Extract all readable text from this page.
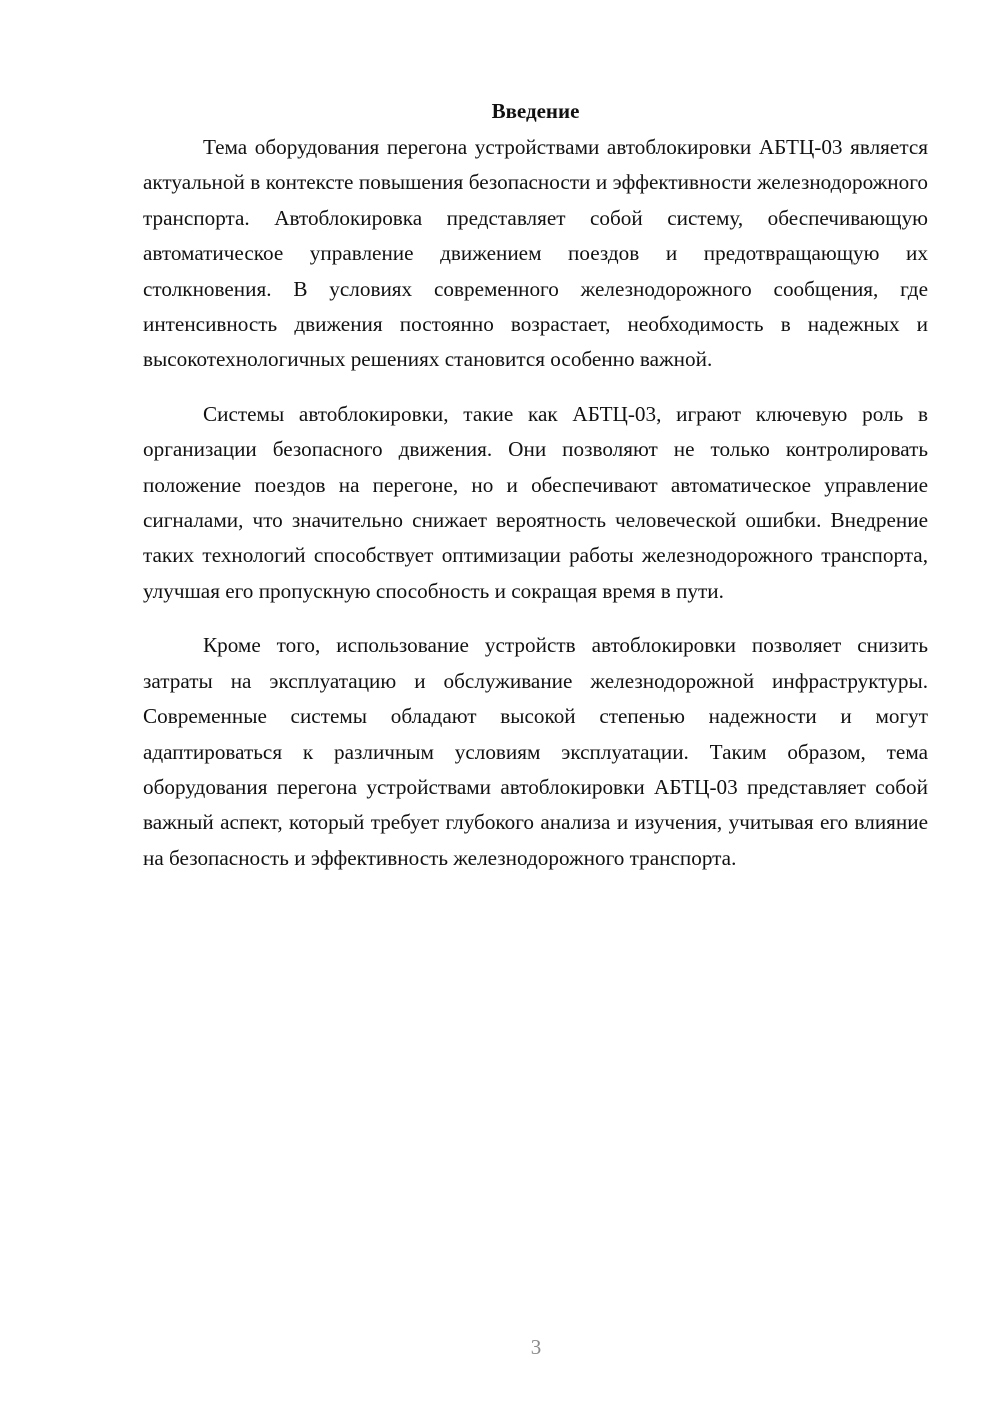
Введение

Тема оборудования перегона устройствами автоблокировки АБТЦ-03 является актуальной в контексте повышения безопасности и эффективности железнодорожного транспорта. Автоблокировка представляет собой систему, обеспечивающую автоматическое управление движением поездов и предотвращающую их столкновения. В условиях современного железнодорожного сообщения, где интенсивность движения постоянно возрастает, необходимость в надежных и высокотехнологичных решениях становится особенно важной.

Системы автоблокировки, такие как АБТЦ-03, играют ключевую роль в организации безопасного движения. Они позволяют не только контролировать положение поездов на перегоне, но и обеспечивают автоматическое управление сигналами, что значительно снижает вероятность человеческой ошибки. Внедрение таких технологий способствует оптимизации работы железнодорожного транспорта, улучшая его пропускную способность и сокращая время в пути.

Кроме того, использование устройств автоблокировки позволяет снизить затраты на эксплуатацию и обслуживание железнодорожной инфраструктуры. Современные системы обладают высокой степенью надежности и могут адаптироваться к различным условиям эксплуатации. Таким образом, тема оборудования перегона устройствами автоблокировки АБТЦ-03 представляет собой важный аспект, который требует глубокого анализа и изучения, учитывая его влияние на безопасность и эффективность железнодорожного транспорта.

3
